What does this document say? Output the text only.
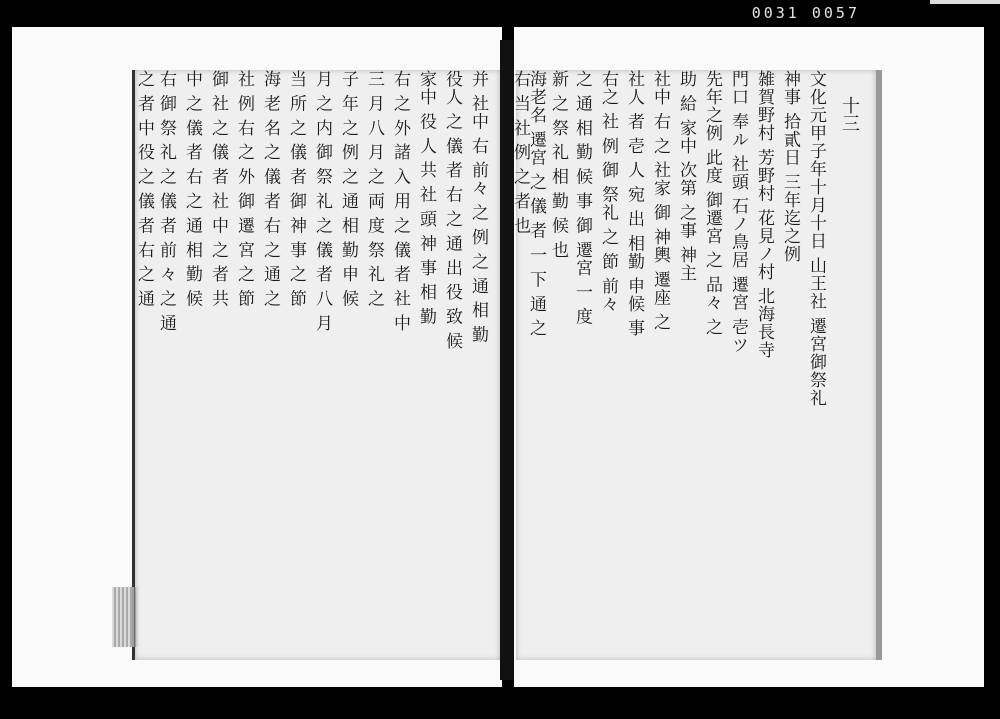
0031 0057
并 社中 右 前々 之 例 之 通 相 勤
役人 之 儀 者 右 之 通 出 役 致 候
家中 役 人 共 社 頭 神 事 相 勤
右 之 外 諸 入 用 之 儀 者 社 中
三 月 八 月 之 両 度 祭 礼 之
子 年 之 例 之 通 相 勤 申 候
月 之 内 御 祭 礼 之 儀 者 八 月
当 所 之 儀 者 御 神 事 之 節
海 老 名 之 儀 者 右 之 通 之
社 例 右 之 外 御 遷 宮 之 節
御 社 之 儀 者 社 中 之 者 共
中 之 儀 者 右 之 通 相 勤 候
右 御 祭 礼 之 儀 者 前 々 之 通
之 者 中 役 之 儀 者 右 之 通	文化元甲子年十月十日 山王社 遷宮御祭礼
神事 拾貳日 三年迄之例
雑賀野村 芳野村 花見ノ村 北海長寺
門口 奉ル 社頭 石ノ鳥居 遷宮 壱ツ
先年之例 此度 御遷宮 之 品々 之
助 給 家中 次第 之事 神主
社中 右 之 社家 御 神輿 遷座 之
社人 者 壱 人 宛 出 相勤 申候 事
右之 社 例 御 祭礼 之 節 前々
之 通 相 勤 候 事 御 遷宮 一 度
新 之 祭 礼 相 勤 候 也
海老名 遷宮 之 儀 者 一 下 通 之
右 当 社 例 之 者 也	十三
